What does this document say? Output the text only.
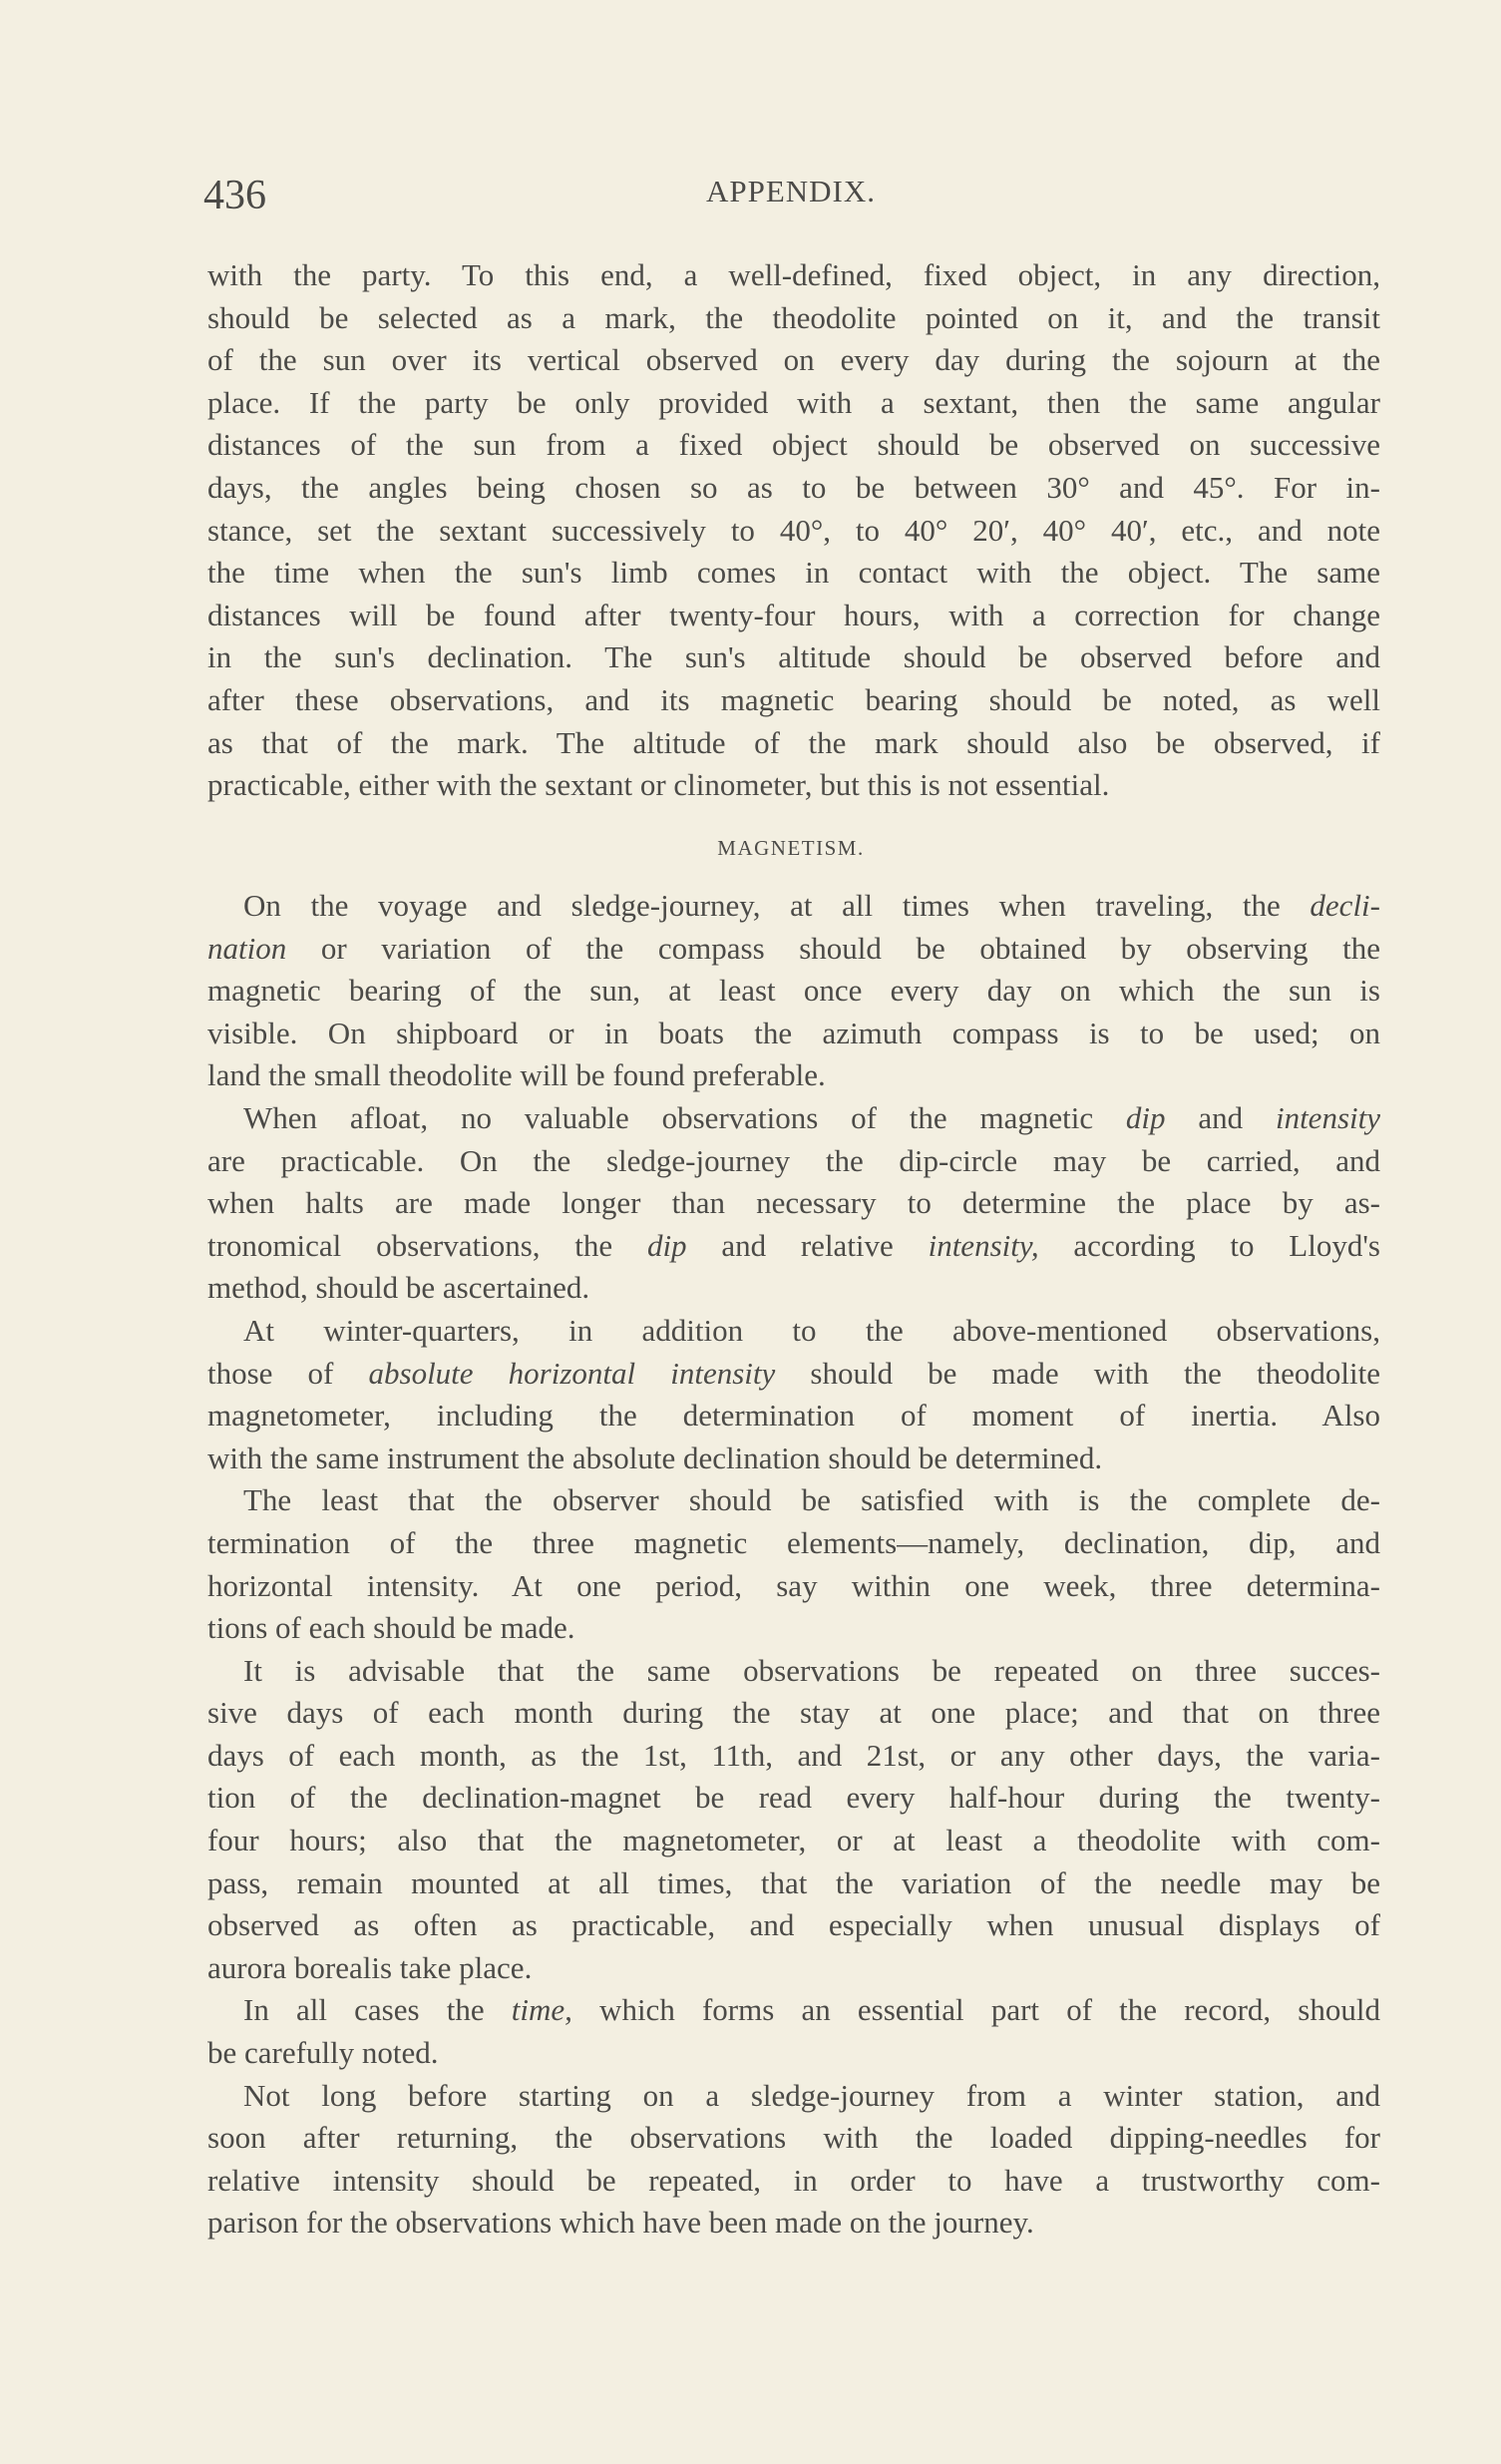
436	APPENDIX.
with the party. To this end, a well-defined, fixed object, in any direction,
should be selected as a mark, the theodolite pointed on it, and the transit
of the sun over its vertical observed on every day during the sojourn at the
place. If the party be only provided with a sextant, then the same angular
distances of the sun from a fixed object should be observed on successive
days, the angles being chosen so as to be between 30° and 45°. For in-
stance, set the sextant successively to 40°, to 40° 20′, 40° 40′, etc., and note
the time when the sun's limb comes in contact with the object. The same
distances will be found after twenty-four hours, with a correction for change
in the sun's declination. The sun's altitude should be observed before and
after these observations, and its magnetic bearing should be noted, as well
as that of the mark. The altitude of the mark should also be observed, if
practicable, either with the sextant or clinometer, but this is not essential.
MAGNETISM.
On the voyage and sledge-journey, at all times when traveling, the decli-
nation or variation of the compass should be obtained by observing the
magnetic bearing of the sun, at least once every day on which the sun is
visible. On shipboard or in boats the azimuth compass is to be used; on
land the small theodolite will be found preferable.
When afloat, no valuable observations of the magnetic dip and intensity
are practicable. On the sledge-journey the dip-circle may be carried, and
when halts are made longer than necessary to determine the place by as-
tronomical observations, the dip and relative intensity, according to Lloyd's
method, should be ascertained.
At winter-quarters, in addition to the above-mentioned observations,
those of absolute horizontal intensity should be made with the theodolite
magnetometer, including the determination of moment of inertia. Also
with the same instrument the absolute declination should be determined.
The least that the observer should be satisfied with is the complete de-
termination of the three magnetic elements—namely, declination, dip, and
horizontal intensity. At one period, say within one week, three determina-
tions of each should be made.
It is advisable that the same observations be repeated on three succes-
sive days of each month during the stay at one place; and that on three
days of each month, as the 1st, 11th, and 21st, or any other days, the varia-
tion of the declination-magnet be read every half-hour during the twenty-
four hours; also that the magnetometer, or at least a theodolite with com-
pass, remain mounted at all times, that the variation of the needle may be
observed as often as practicable, and especially when unusual displays of
aurora borealis take place.
In all cases the time, which forms an essential part of the record, should
be carefully noted.
Not long before starting on a sledge-journey from a winter station, and
soon after returning, the observations with the loaded dipping-needles for
relative intensity should be repeated, in order to have a trustworthy com-
parison for the observations which have been made on the journey.
